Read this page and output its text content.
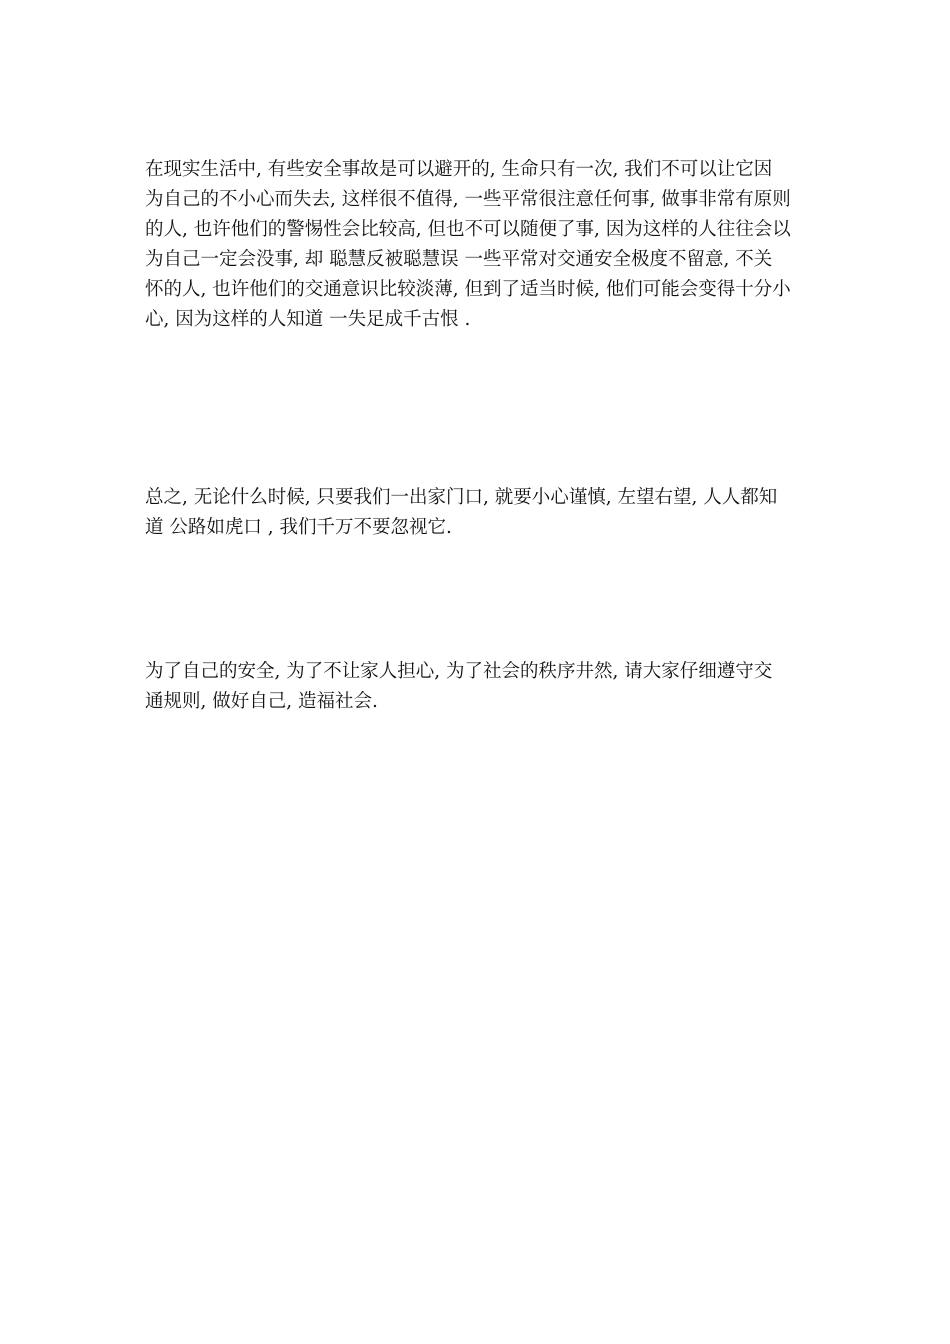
在现实生活中, 有些安全事故是可以避开的, 生命只有一次, 我们不可以让它因
为自己的不小心而失去, 这样很不值得, 一些平常很注意任何事, 做事非常有原则
的人, 也许他们的警惕性会比较高, 但也不可以随便了事, 因为这样的人往往会以
为自己一定会没事, 却 聪慧反被聪慧误 一些平常对交通安全极度不留意, 不关
怀的人, 也许他们的交通意识比较淡薄, 但到了适当时候, 他们可能会变得十分小
心, 因为这样的人知道 一失足成千古恨 .

总之, 无论什么时候, 只要我们一出家门口, 就要小心谨慎, 左望右望, 人人都知
道 公路如虎口 , 我们千万不要忽视它.

为了自己的安全, 为了不让家人担心, 为了社会的秩序井然, 请大家仔细遵守交
通规则, 做好自己, 造福社会.
